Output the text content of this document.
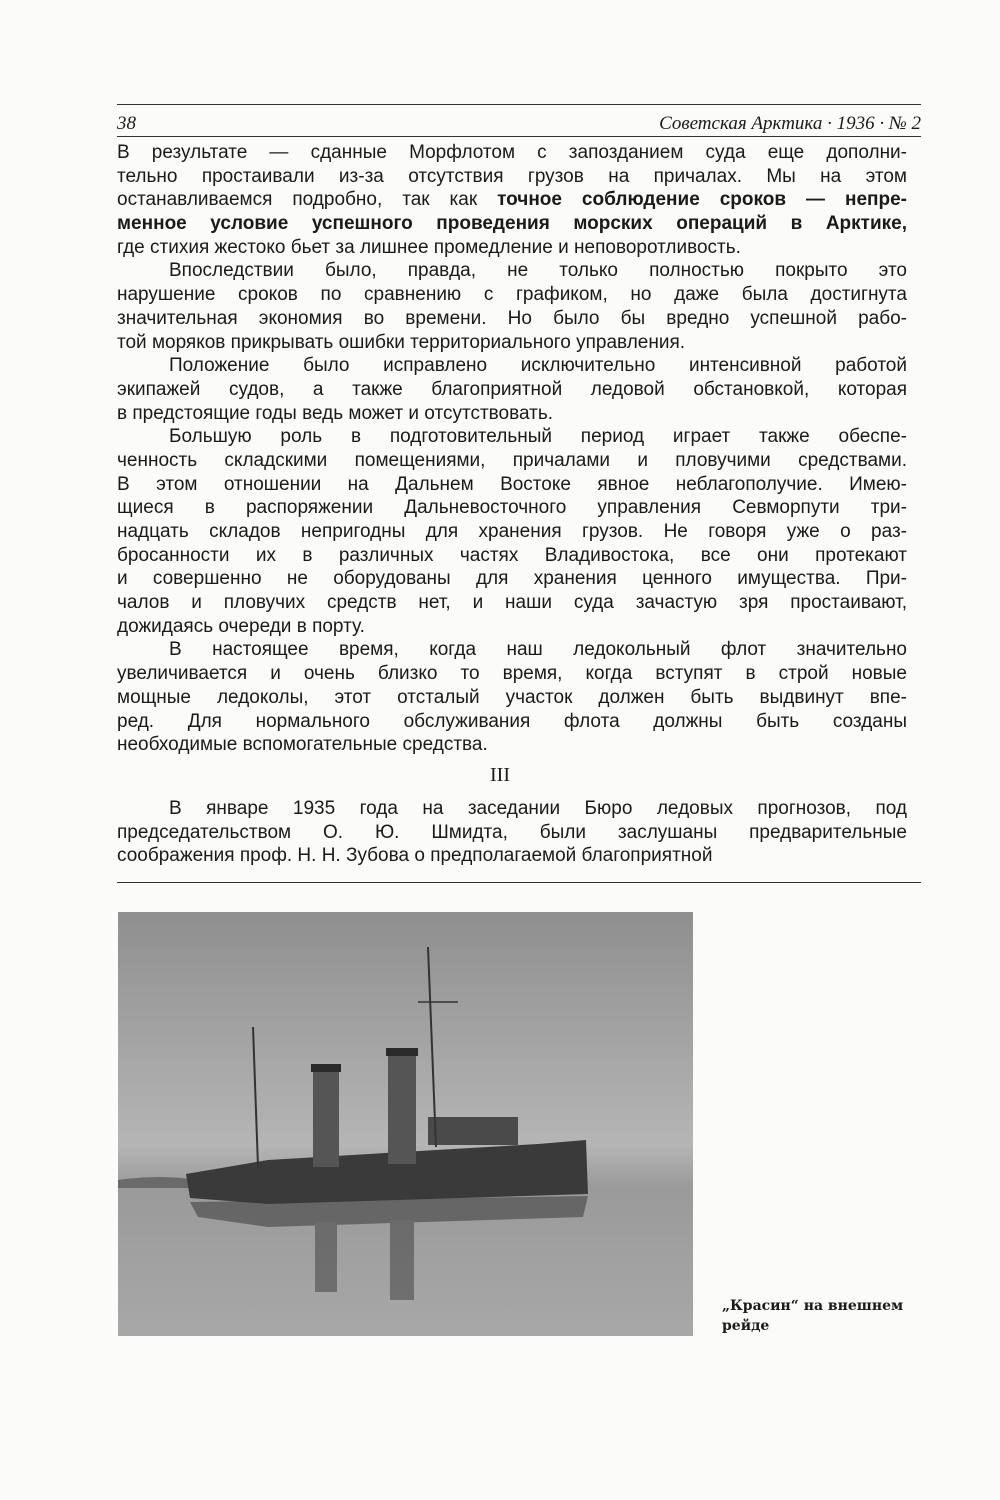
38	Советская Арктика · 1936 · № 2
В результате — сданные Морфлотом с запозданием суда еще дополни-
тельно простаивали из-за отсутствия грузов на причалах. Мы на этом
останавливаемся подробно, так как точное соблюдение сроков — непре-
менное условие успешного проведения морских операций в Арктике,
где стихия жестоко бьет за лишнее промедление и неповоротливость.
Впоследствии было, правда, не только полностью покрыто это
нарушение сроков по сравнению с графиком, но даже была достигнута
значительная экономия во времени. Но было бы вредно успешной рабо-
той моряков прикрывать ошибки территориального управления.
Положение было исправлено исключительно интенсивной работой
экипажей судов, а также благоприятной ледовой обстановкой, которая
в предстоящие годы ведь может и отсутствовать.
Большую роль в подготовительный период играет также обеспе-
ченность складскими помещениями, причалами и пловучими средствами.
В этом отношении на Дальнем Востоке явное неблагополучие. Имею-
щиеся в распоряжении Дальневосточного управления Севморпути три-
надцать складов непригодны для хранения грузов. Не говоря уже о раз-
бросанности их в различных частях Владивостока, все они протекают
и совершенно не оборудованы для хранения ценного имущества. При-
чалов и пловучих средств нет, и наши суда зачастую зря простаивают,
дожидаясь очереди в порту.
В настоящее время, когда наш ледокольный флот значительно
увеличивается и очень близко то время, когда вступят в строй новые
мощные ледоколы, этот отсталый участок должен быть выдвинут впе-
ред. Для нормального обслуживания флота должны быть созданы
необходимые вспомогательные средства.
III
В январе 1935 года на заседании Бюро ледовых прогнозов, под
председательством О. Ю. Шмидта, были заслушаны предварительные
соображения проф. Н. Н. Зубова о предполагаемой благоприятной
„Красин“ на внешнем рейде
